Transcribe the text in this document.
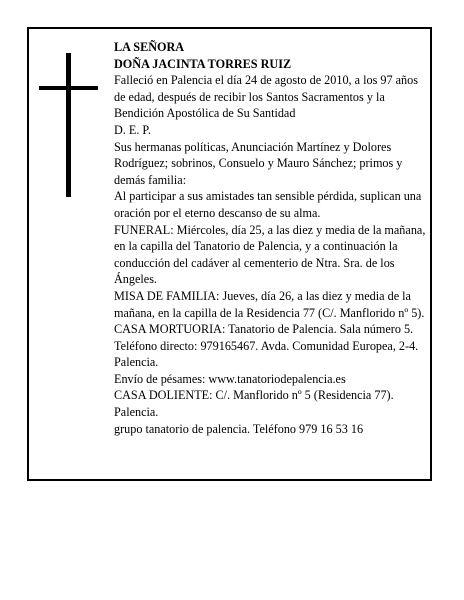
LA SEÑORA

DOÑA JACINTA TORRES RUIZ

Falleció en Palencia el día 24 de agosto de 2010, a los 97 años de edad, después de recibir los Santos Sacramentos y la Bendición Apostólica de Su Santidad

D. E. P.

Sus hermanas políticas, Anunciación Martínez y Dolores Rodríguez; sobrinos, Consuelo y Mauro Sánchez; primos y demás familia:

Al participar a sus amistades tan sensible pérdida, suplican una oración por el eterno descanso de su alma.

FUNERAL: Miércoles, día 25, a las diez y media de la mañana, en la capilla del Tanatorio de Palencia, y a continuación la conducción del cadáver al cementerio de Ntra. Sra. de los Ángeles.

MISA DE FAMILIA: Jueves, día 26, a las diez y media de la mañana, en la capilla de la Residencia 77 (C/. Manflorido nº 5).

CASA MORTUORIA: Tanatorio de Palencia. Sala número 5. Teléfono directo: 979165467. Avda. Comunidad Europea, 2-4. Palencia.

Envío de pésames: www.tanatoriodepalencia.es

CASA DOLIENTE: C/. Manflorido nº 5 (Residencia 77). Palencia.

grupo tanatorio de palencia. Teléfono 979 16 53 16
